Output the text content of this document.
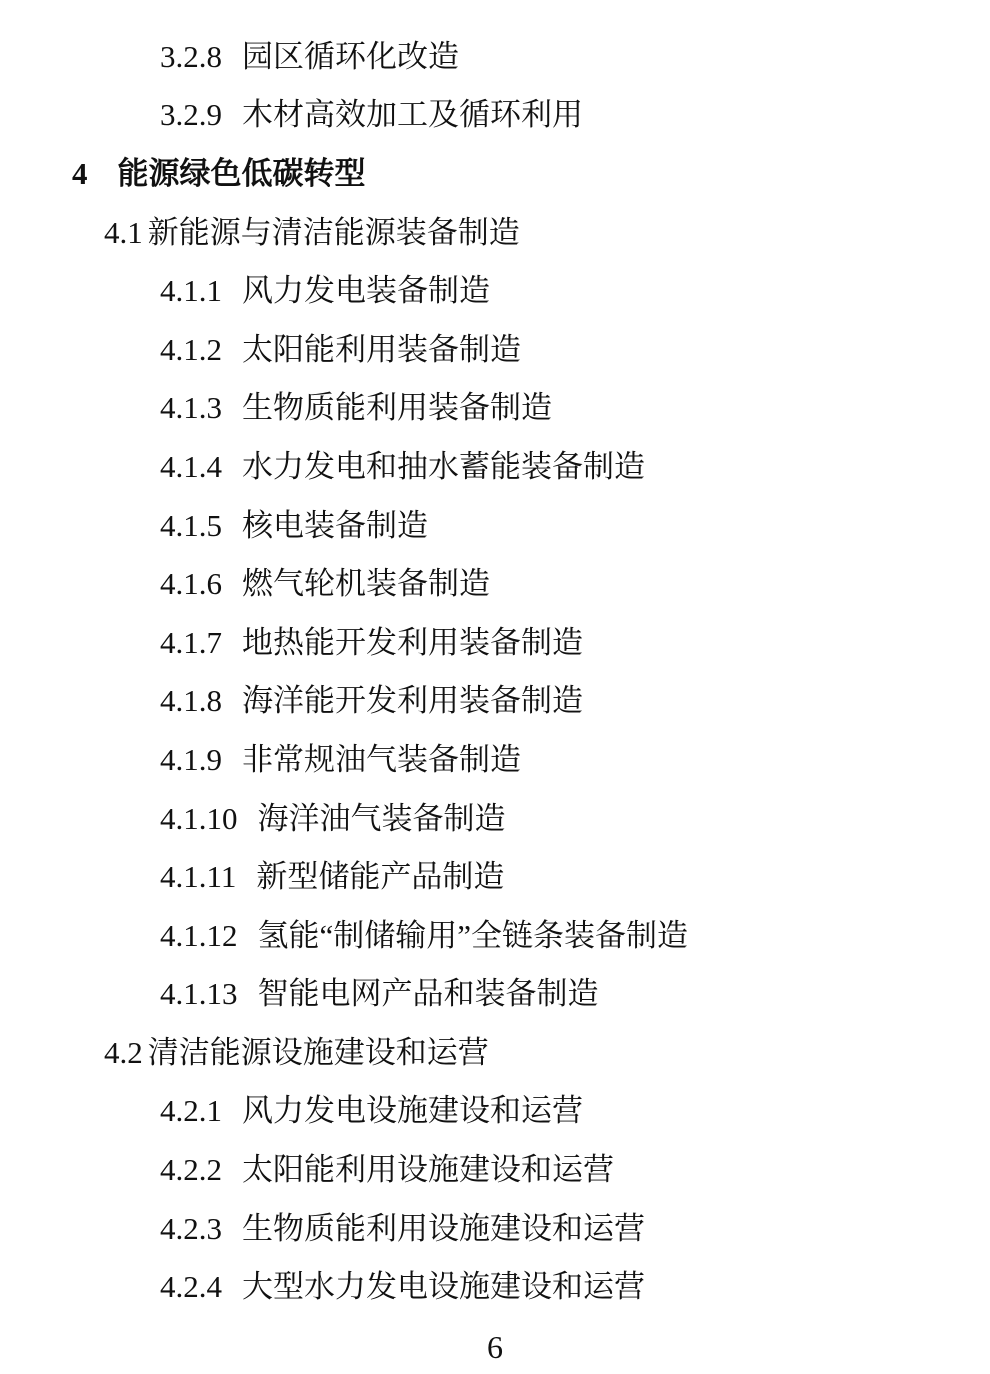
3.2.8 园区循环化改造
3.2.9 木材高效加工及循环利用
4 能源绿色低碳转型
4.1 新能源与清洁能源装备制造
4.1.1 风力发电装备制造
4.1.2 太阳能利用装备制造
4.1.3 生物质能利用装备制造
4.1.4 水力发电和抽水蓄能装备制造
4.1.5 核电装备制造
4.1.6 燃气轮机装备制造
4.1.7 地热能开发利用装备制造
4.1.8 海洋能开发利用装备制造
4.1.9 非常规油气装备制造
4.1.10 海洋油气装备制造
4.1.11 新型储能产品制造
4.1.12 氢能“制储输用”全链条装备制造
4.1.13 智能电网产品和装备制造
4.2 清洁能源设施建设和运营
4.2.1 风力发电设施建设和运营
4.2.2 太阳能利用设施建设和运营
4.2.3 生物质能利用设施建设和运营
4.2.4 大型水力发电设施建设和运营
6
